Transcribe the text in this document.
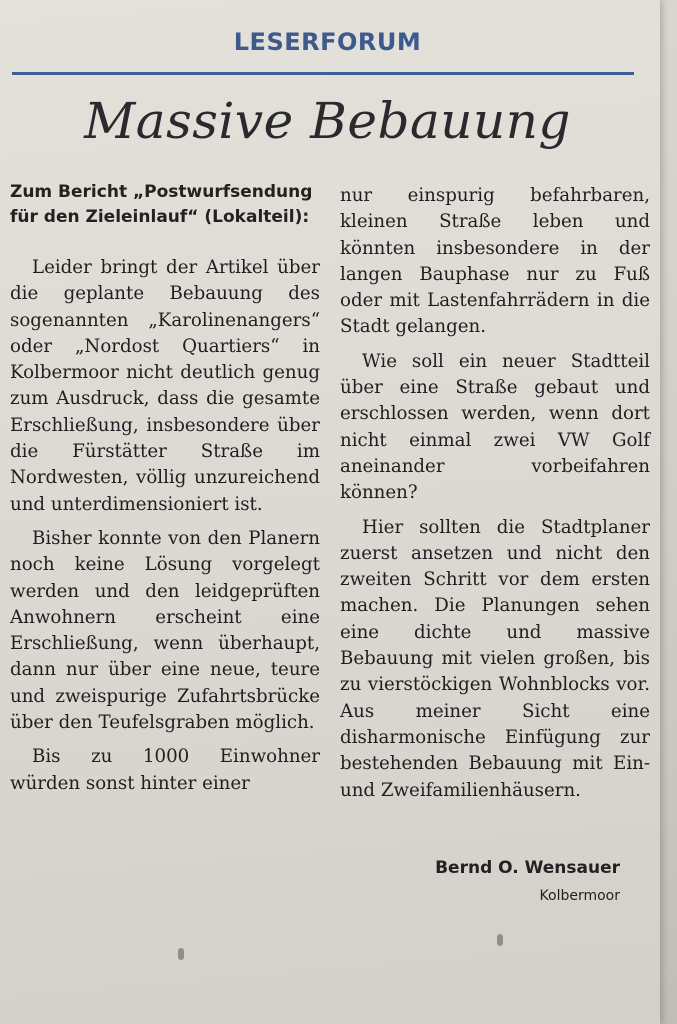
LESERFORUM
Massive Bebauung
Zum Bericht „Postwurfsendung für den Zieleinlauf“ (Lokalteil):

Leider bringt der Artikel über die geplante Bebauung des sogenannten „Karolinenangers“ oder „Nordost Quartiers“ in Kolbermoor nicht deutlich genug zum Ausdruck, dass die gesamte Erschließung, insbesondere über die Fürstätter Straße im Nordwesten, völlig unzureichend und unterdimensioniert ist.

Bisher konnte von den Planern noch keine Lösung vorgelegt werden und den leidgeprüften Anwohnern erscheint eine Erschließung, wenn überhaupt, dann nur über eine neue, teure und zweispurige Zufahrtsbrücke über den Teufelsgraben möglich.

Bis zu 1000 Einwohner würden sonst hinter einer

nur einspurig befahrbaren, kleinen Straße leben und könnten insbesondere in der langen Bauphase nur zu Fuß oder mit Lastenfahrrädern in die Stadt gelangen.

Wie soll ein neuer Stadtteil über eine Straße gebaut und erschlossen werden, wenn dort nicht einmal zwei VW Golf aneinander vorbeifahren können?

Hier sollten die Stadtplaner zuerst ansetzen und nicht den zweiten Schritt vor dem ersten machen. Die Planungen sehen eine dichte und massive Bebauung mit vielen großen, bis zu vierstöckigen Wohnblocks vor. Aus meiner Sicht eine disharmonische Einfügung zur bestehenden Bebauung mit Ein- und Zweifamilienhäusern.

Bernd O. Wensauer
Kolbermoor
